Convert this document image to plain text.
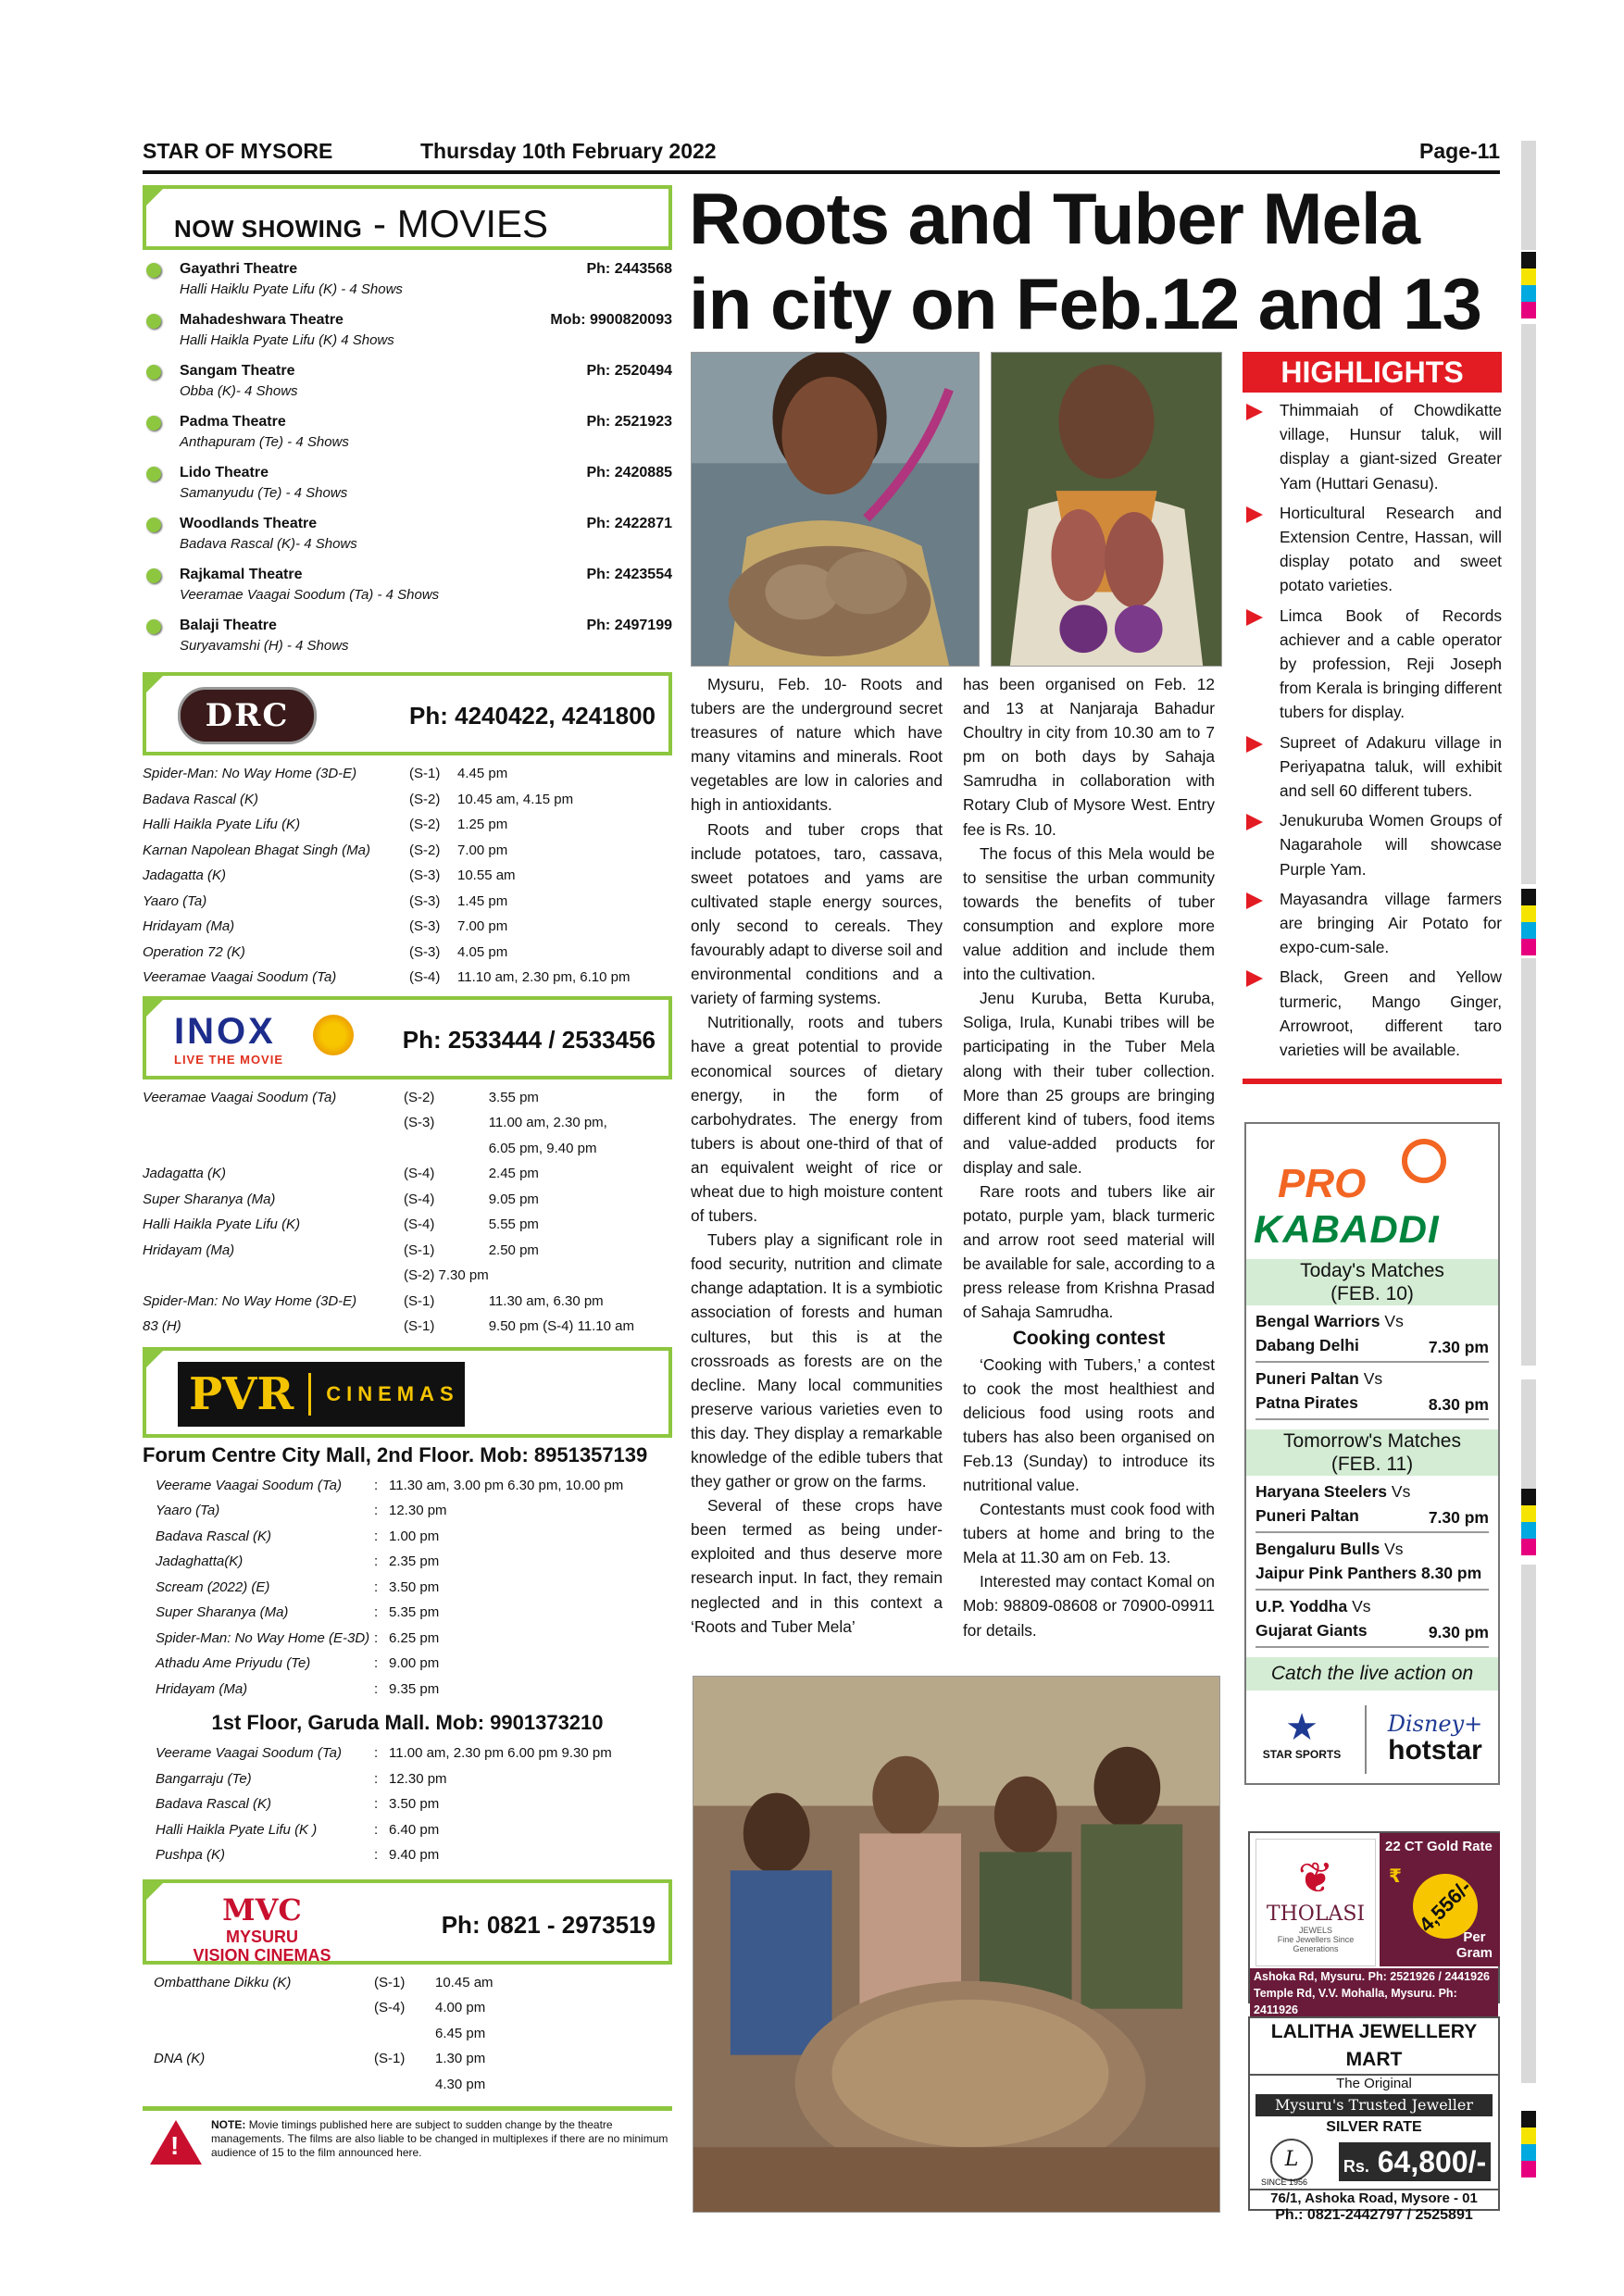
STAR OF MYSORE	Thursday 10th February 2022	Page-11
NOW SHOWING - MOVIES
Gayathri Theatre	Ph: 2443568
Halli Haiklu Pyate Lifu (K) - 4 Shows
Mahadeshwara Theatre	Mob: 9900820093
Halli Haikla Pyate Lifu (K) 4 Shows
Sangam Theatre	Ph: 2520494
Obba (K)- 4 Shows
Padma Theatre	Ph: 2521923
Anthapuram (Te) - 4 Shows
Lido Theatre	Ph: 2420885
Samanyudu (Te) - 4 Shows
Woodlands Theatre	Ph: 2422871
Badava Rascal (K)- 4 Shows
Rajkamal Theatre	Ph: 2423554
Veeramae Vaagai Soodum (Ta) - 4 Shows
Balaji Theatre	Ph: 2497199
Suryavamshi (H) - 4 Shows
DRC	Ph: 4240422, 4241800
Spider-Man: No Way Home (3D-E)	(S-1)	4.45 pm
Badava Rascal (K)	(S-2)	10.45 am, 4.15 pm
Halli Haikla Pyate Lifu (K)	(S-2)	1.25 pm
Karnan Napolean Bhagat Singh (Ma)	(S-2)	7.00 pm
Jadagatta (K)	(S-3)	10.55 am
Yaaro (Ta)	(S-3)	1.45 pm
Hridayam (Ma)	(S-3)	7.00 pm
Operation 72 (K)	(S-3)	4.05 pm
Veeramae Vaagai Soodum (Ta)	(S-4)	11.10 am, 2.30 pm, 6.10 pm
INOX
LIVE THE MOVIE
Ph: 2533444 / 2533456
Veeramae Vaagai Soodum (Ta)	(S-2)	3.55 pm
	(S-3)	11.00 am, 2.30 pm,
		6.05 pm, 9.40 pm
Jadagatta (K)	(S-4)	2.45 pm
Super Sharanya (Ma)	(S-4)	9.05 pm
Halli Haikla Pyate Lifu (K)	(S-4)	5.55 pm
Hridayam (Ma)	(S-1)	2.50 pm
	(S-2) 7.30 pm	
Spider-Man: No Way Home (3D-E)	(S-1)	11.30 am, 6.30 pm
83 (H)	(S-1)	9.50 pm (S-4) 11.10 am
PVR CINEMAS
Forum Centre City Mall, 2nd Floor. Mob: 8951357139
Veerame Vaagai Soodum (Ta)	:	11.30 am, 3.00 pm 6.30 pm, 10.00 pm
Yaaro (Ta)	:	12.30 pm
Badava Rascal (K)	:	1.00 pm
Jadaghatta(K)	:	2.35 pm
Scream (2022) (E)	:	3.50 pm
Super Sharanya (Ma)	:	5.35 pm
Spider-Man: No Way Home (E-3D)	:	6.25 pm
Athadu Ame Priyudu (Te)	:	9.00 pm
Hridayam (Ma)	:	9.35 pm
1st Floor, Garuda Mall. Mob: 9901373210
Veerame Vaagai Soodum (Ta)	:	11.00 am, 2.30 pm 6.00 pm 9.30 pm
Bangarraju (Te)	:	12.30 pm
Badava Rascal (K)	:	3.50 pm
Halli Haikla Pyate Lifu (K )	:	6.40 pm
Pushpa (K)	:	9.40 pm
MVC
MYSURU
VISION CINEMAS
Ph: 0821 - 2973519
Ombatthane Dikku (K)	(S-1)	10.45 am
	(S-4)	4.00 pm
		6.45 pm
DNA (K)	(S-1)	1.30 pm
		4.30 pm
!

NOTE: Movie timings published here are subject to sudden change by the theatre managements. The films are also liable to be changed in multiplexes if there are no minimum audience of 15 to the film announced here.

Roots and Tuber Mela
in city on Feb.12 and 13

Mysuru, Feb. 10- Roots and tubers are the underground secret treasures of nature which have many vitamins and minerals. Root vegetables are low in calories and high in antioxidants.

Roots and tuber crops that include potatoes, taro, cassava, sweet potatoes and yams are cultivated staple energy sources, only second to cereals. They favourably adapt to diverse soil and environmental conditions and a variety of farming systems.

Nutritionally, roots and tubers have a great potential to provide economical sources of dietary energy, in the form of carbohydrates. The energy from tubers is about one-third of that of an equivalent weight of rice or wheat due to high moisture content of tubers.

Tubers play a significant role in food security, nutrition and climate change adaptation. It is a symbiotic association of forests and human cultures, but this is at the crossroads as forests are on the decline. Many local communities preserve various varieties even to this day. They display a remarkable knowledge of the edible tubers that they gather or grow on the farms.

Several of these crops have been termed as being under-exploited and thus deserve more research input. In fact, they remain neglected and in this context a ‘Roots and Tuber Mela’

has been organised on Feb. 12 and 13 at Nanjaraja Bahadur Choultry in city from 10.30 am to 7 pm on both days by Sahaja Samrudha in collaboration with Rotary Club of Mysore West. Entry fee is Rs. 10.

The focus of this Mela would be to sensitise the urban community towards the benefits of tuber consumption and explore more value addition and include them into the cultivation.

Jenu Kuruba, Betta Kuruba, Soliga, Irula, Kunabi tribes will be participating in the Tuber Mela along with their tuber collection. More than 25 groups are bringing different kind of tubers, food items and value-added products for display and sale.

Rare roots and tubers like air potato, purple yam, black turmeric and arrow root seed material will be available for sale, according to a press release from Krishna Prasad of Sahaja Samrudha.

Cooking contest

‘Cooking with Tubers,’ a contest to cook the most healthiest and delicious food using roots and tubers has also been organised on Feb.13 (Sunday) to introduce its nutritional value.

Contestants must cook food with tubers at home and bring to the Mela at 11.30 am on Feb. 13.

Interested may contact Komal on Mob: 98809-08608 or 70900-09911 for details.

HIGHLIGHTS
Thimmaiah of Chowdikatte village, Hunsur taluk, will display a giant-sized Greater Yam (Huttari Genasu).
Horticultural Research and Extension Centre, Hassan, will display potato and sweet potato varieties.
Limca Book of Records achiever and a cable operator by profession, Reji Joseph from Kerala is bringing different tubers for display.
Supreet of Adakuru village in Periyapatna taluk, will exhibit and sell 60 different tubers.
Jenukuruba Women Groups of Nagarahole will showcase Purple Yam.
Mayasandra village farmers are bringing Air Potato for expo-cum-sale.
Black, Green and Yellow turmeric, Mango Ginger, Arrowroot, different taro varieties will be available.
PRO
KABADDI
Today's Matches
(FEB. 10)
Bengal Warriors Vs
Dabang Delhi	7.30 pm
Puneri Paltan Vs
Patna Pirates	8.30 pm
Tomorrow's Matches
(FEB. 11)
Haryana Steelers Vs
Puneri Paltan	7.30 pm
Bengaluru Bulls Vs
Jaipur Pink Panthers 8.30 pm
U.P. Yoddha Vs
Gujarat Giants	9.30 pm
Catch the live action on
★
STAR SPORTS
Disney+
hotstar
❦
THOLASI
JEWELS
Fine Jewellers Since Generations
22 CT Gold Rate
₹ 4,556/-
Per
Gram
Ashoka Rd, Mysuru. Ph: 2521926 / 2441926
Temple Rd, V.V. Mohalla, Mysuru. Ph: 2411926
LALITHA JEWELLERY MART
The Original
Mysuru's Trusted Jeweller
SILVER RATE
L
SINCE 1956
Rs. 64,800/-
76/1, Ashoka Road, Mysore - 01
Ph.: 0821-2442797 / 2525891
